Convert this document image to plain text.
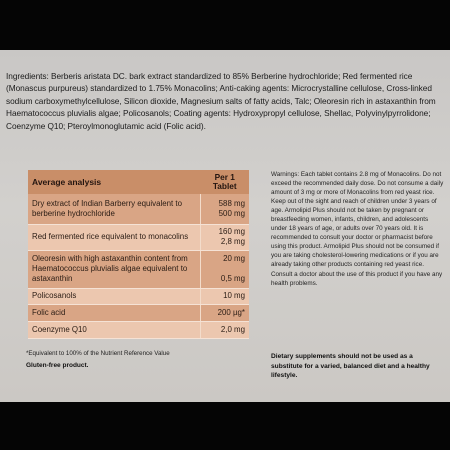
Ingredients: Berberis aristata DC. bark extract standardized to 85% Berberine hydrochloride; Red fermented rice (Monascus purpureus) standardized to 1.75% Monacolins; Anti-caking agents: Microcrystalline cellulose, Cross-linked sodium carboxymethylcellulose, Silicon dioxide, Magnesium salts of fatty acids, Talc; Oleoresin rich in astaxanthin from Haematococcus pluvialis algae; Policosanols; Coating agents: Hydroxypropyl cellulose, Shellac, Polyvinylpyrrolidone; Coenzyme Q10; Pteroylmonoglutamic acid (Folic acid).

Average analysis	Per 1 Tablet
Dry extract of Indian Barberry equivalent to berberine hydrochloride	588 mg
500 mg
Red fermented rice equivalent to monacolins	160 mg
2,8 mg
Oleoresin with high astaxanthin content from Haematococcus pluvialis algae equivalent to astaxanthin	20 mg

0,5 mg
Policosanols	10 mg
Folic acid	200 µg*
Coenzyme Q10	2,0 mg

Warnings: Each tablet contains 2.8 mg of Monacolins. Do not exceed the recommended daily dose. Do not consume a daily amount of 3 mg or more of Monacolins from red yeast rice. Keep out of the sight and reach of children under 3 years of age. Armolipid Plus should not be taken by pregnant or breastfeeding women, infants, children, and adolescents under 18 years of age, or adults over 70 years old. It is recommended to consult your doctor or pharmacist before using this product. Armolipid Plus should not be consumed if you are taking cholesterol-lowering medications or if you are already taking other products containing red yeast rice. Consult a doctor about the use of this product if you have any health problems.

*Equivalent to 100% of the Nutrient Reference Value

Gluten-free product.

Dietary supplements should not be used as a substitute for a varied, balanced diet and a healthy lifestyle.
